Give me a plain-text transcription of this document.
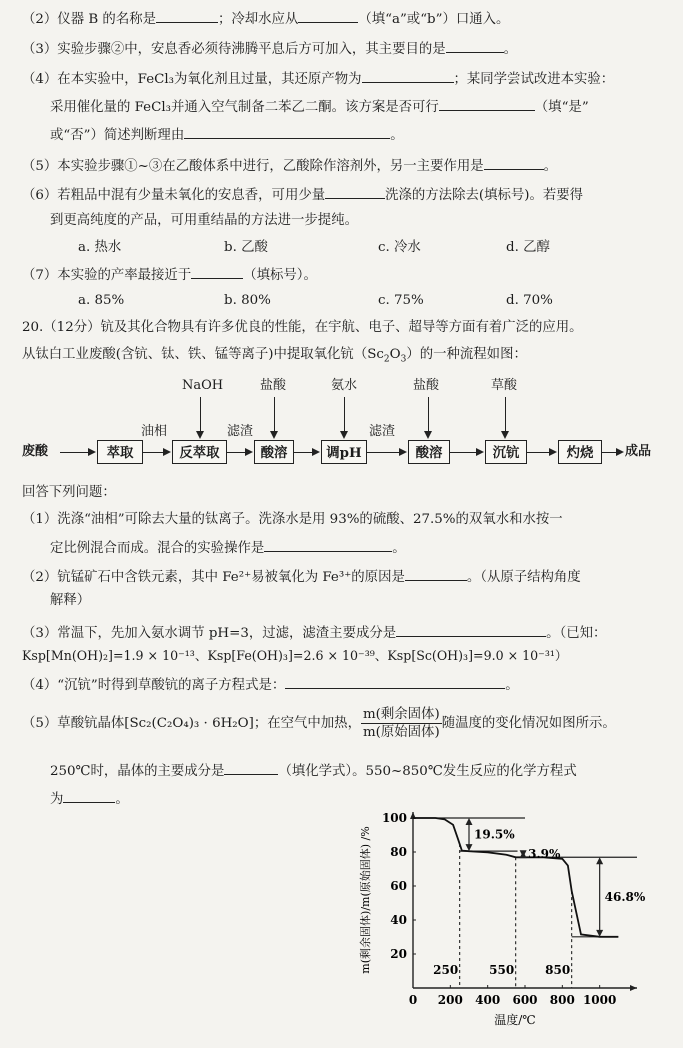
（2）仪器 B 的名称是	；冷却水应从	（填“a”或“b”）口通入。
（3）实验步骤②中，安息香必须待沸腾平息后方可加入，其主要目的是	。
（4）在本实验中，FeCl₃为氧化剂且过量，其还原产物为	；某同学尝试改进本实验：
采用催化量的 FeCl₃并通入空气制备二苯乙二酮。该方案是否可行	（填“是”
或“否”）简述判断理由	。
（5）本实验步骤①~③在乙酸体系中进行，乙酸除作溶剂外，另一主要作用是	。
（6）若粗品中混有少量未氧化的安息香，可用少量	洗涤的方法除去(填标号)。若要得
到更高纯度的产品，可用重结晶的方法进一步提纯。
a. 热水	b. 乙酸	c. 冷水	d. 乙醇
（7）本实验的产率最接近于	（填标号）。
a. 85%	b. 80%	c. 75%	d. 70%
20.（12分）钪及其化合物具有许多优良的性能，在宇航、电子、超导等方面有着广泛的应用。
从钛白工业废酸(含钪、钛、铁、锰等离子)中提取氧化钪$(Sc_2O_3)$的一种流程如图：
废酸	萃取
油相
反萃取
滤渣
NaOH
酸溶
盐酸
调pH
滤渣
氨水
酸溶
盐酸
沉钪
草酸
灼烧	成品
回答下列问题：
（1）洗涤“油相”可除去大量的钛离子。洗涤水是用 93%的硫酸、27.5%的双氧水和水按一
定比例混合而成。混合的实验操作是	。
（2）钪锰矿石中含铁元素，其中 Fe²⁺易被氧化为 Fe³⁺的原因是	。（从原子结构角度
解释）
（3）常温下，先加入氨水调节 pH=3，过滤，滤渣主要成分是	。（已知：
Ksp[Mn(OH)₂]=1.9 × 10⁻¹³、Ksp[Fe(OH)₃]=2.6 × 10⁻³⁹、Ksp[Sc(OH)₃]=9.0 × 10⁻³¹）
（4）“沉钪”时得到草酸钪的离子方程式是：	。
（5）草酸钪晶体[Sc₂(C₂O₄)₃ · 6H₂O]；在空气中加热， $\frac{\text{m(剩余固体)}}{\text{m(原始固体)}}$ 随温度的变化情况如图所示。
250℃时，晶体的主要成分是	（填化学式）。550~850℃发生反应的化学方程式
为	。
0 200 400 600 800 1000
20
40
60
80
100
温度/℃
m(剩余固体)/m(原始固体) /%	250	550	850
19.5%
3.9%
46.8%
